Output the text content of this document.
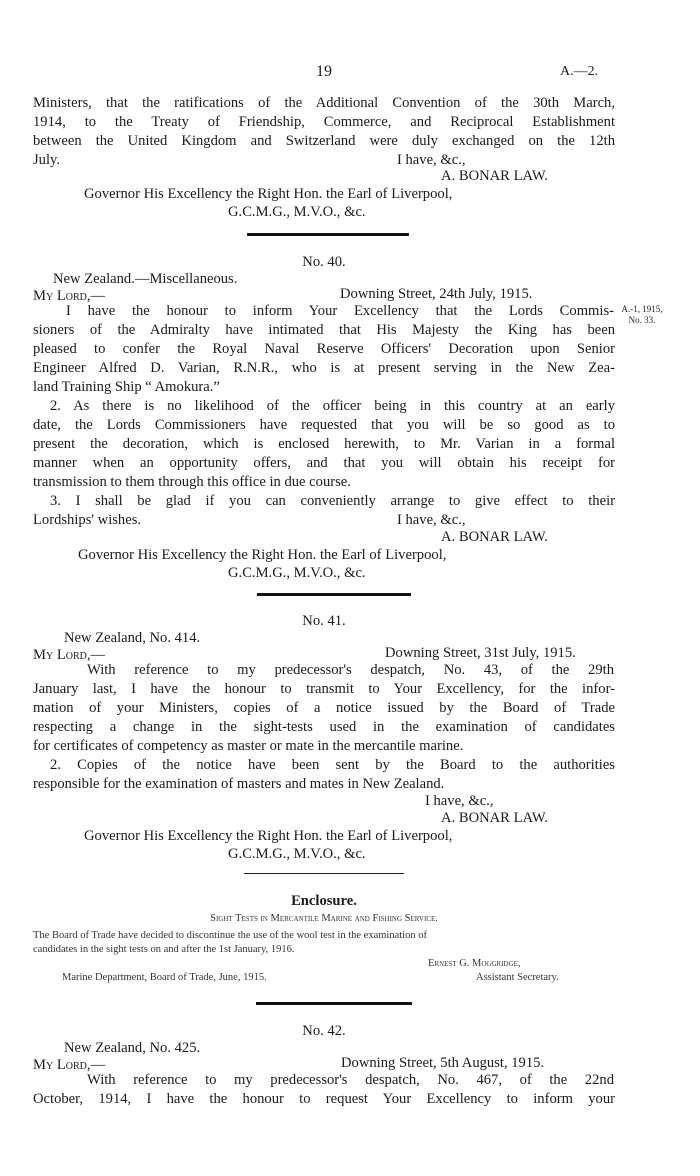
19	A.—2.
Ministers, that the ratifications of the Additional Convention of the 30th March,
1914, to the Treaty of Friendship, Commerce, and Reciprocal Establishment
between the United Kingdom and Switzerland were duly exchanged on the 12th
July.	I have, &c.,
A. BONAR LAW.
Governor His Excellency the Right Hon. the Earl of Liverpool,
G.C.M.G., M.V.O., &c.
No. 40.
New Zealand.—Miscellaneous.
My Lord,—	Downing Street, 24th July, 1915.
A.-1, 1915,
No. 33.
I have the honour to inform Your Excellency that the Lords Commis-
sioners of the Admiralty have intimated that His Majesty the King has been
pleased to confer the Royal Naval Reserve Officers' Decoration upon Senior
Engineer Alfred D. Varian, R.N.R., who is at present serving in the New Zea-
land Training Ship “ Amokura.”
2. As there is no likelihood of the officer being in this country at an early
date, the Lords Commissioners have requested that you will be so good as to
present the decoration, which is enclosed herewith, to Mr. Varian in a formal
manner when an opportunity offers, and that you will obtain his receipt for
transmission to them through this office in due course.
3. I shall be glad if you can conveniently arrange to give effect to their
Lordships' wishes.	I have, &c.,
A. BONAR LAW.
Governor His Excellency the Right Hon. the Earl of Liverpool,
G.C.M.G., M.V.O., &c.
No. 41.
New Zealand, No. 414.
My Lord,—	Downing Street, 31st July, 1915.
With reference to my predecessor's despatch, No. 43, of the 29th
January last, I have the honour to transmit to Your Excellency, for the infor-
mation of your Ministers, copies of a notice issued by the Board of Trade
respecting a change in the sight-tests used in the examination of candidates
for certificates of competency as master or mate in the mercantile marine.
2. Copies of the notice have been sent by the Board to the authorities
responsible for the examination of masters and mates in New Zealand.
I have, &c.,
A. BONAR LAW.
Governor His Excellency the Right Hon. the Earl of Liverpool,
G.C.M.G., M.V.O., &c.
Enclosure.
Sight Tests in Mercantile Marine and Fishing Service.
The Board of Trade have decided to discontinue the use of the wool test in the examination of
candidates in the sight tests on and after the 1st January, 1916.
Ernest G. Moggridge,
Marine Department, Board of Trade, June, 1915.	Assistant Secretary.
No. 42.
New Zealand, No. 425.
My Lord,—	Downing Street, 5th August, 1915.
With reference to my predecessor's despatch, No. 467, of the 22nd
October, 1914, I have the honour to request Your Excellency to inform your
